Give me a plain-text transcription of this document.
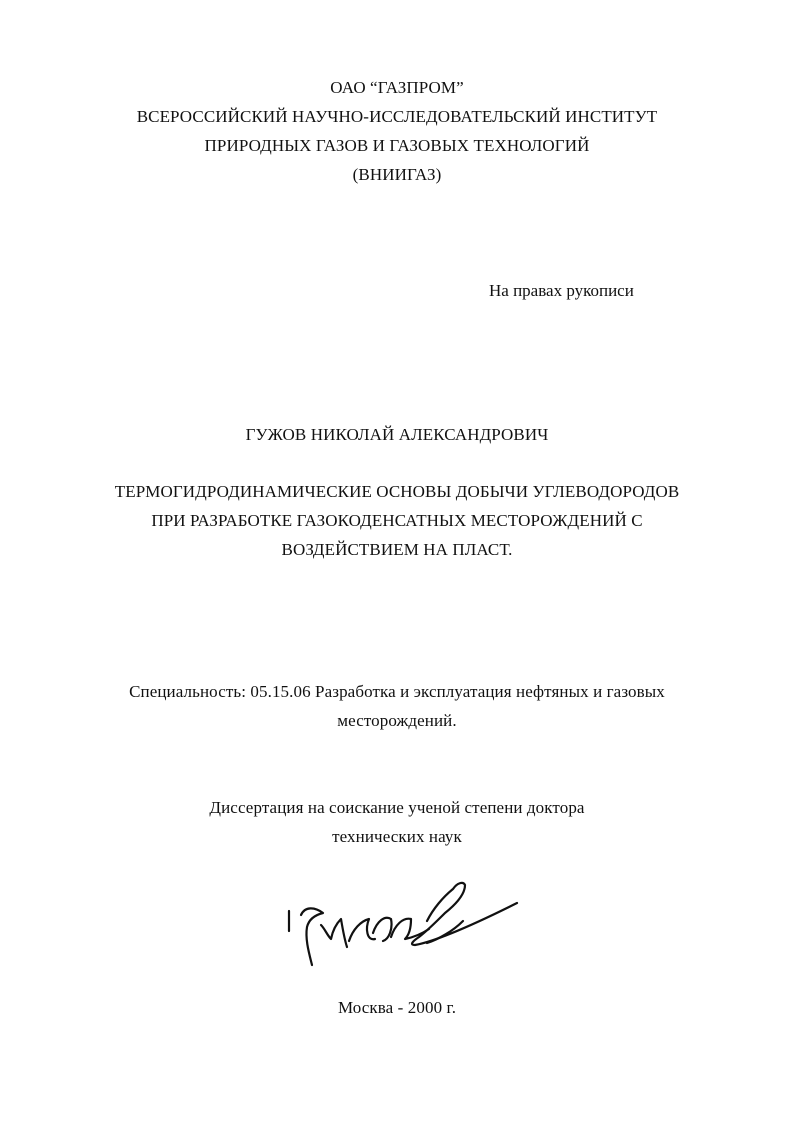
ОАО “ГАЗПРОМ”
ВСЕРОССИЙСКИЙ НАУЧНО-ИССЛЕДОВАТЕЛЬСКИЙ ИНСТИТУТ
ПРИРОДНЫХ ГАЗОВ И ГАЗОВЫХ ТЕХНОЛОГИЙ
(ВНИИГАЗ)
На правах рукописи
ГУЖОВ НИКОЛАЙ АЛЕКСАНДРОВИЧ
ТЕРМОГИДРОДИНАМИЧЕСКИЕ ОСНОВЫ ДОБЫЧИ УГЛЕВОДОРОДОВ
ПРИ РАЗРАБОТКЕ ГАЗОКОДЕНСАТНЫХ МЕСТОРОЖДЕНИЙ С
ВОЗДЕЙСТВИЕМ НА ПЛАСТ.
Специальность: 05.15.06 Разработка и эксплуатация нефтяных и газовых
месторождений.
Диссертация на соискание ученой степени доктора
технических наук
Москва - 2000 г.
